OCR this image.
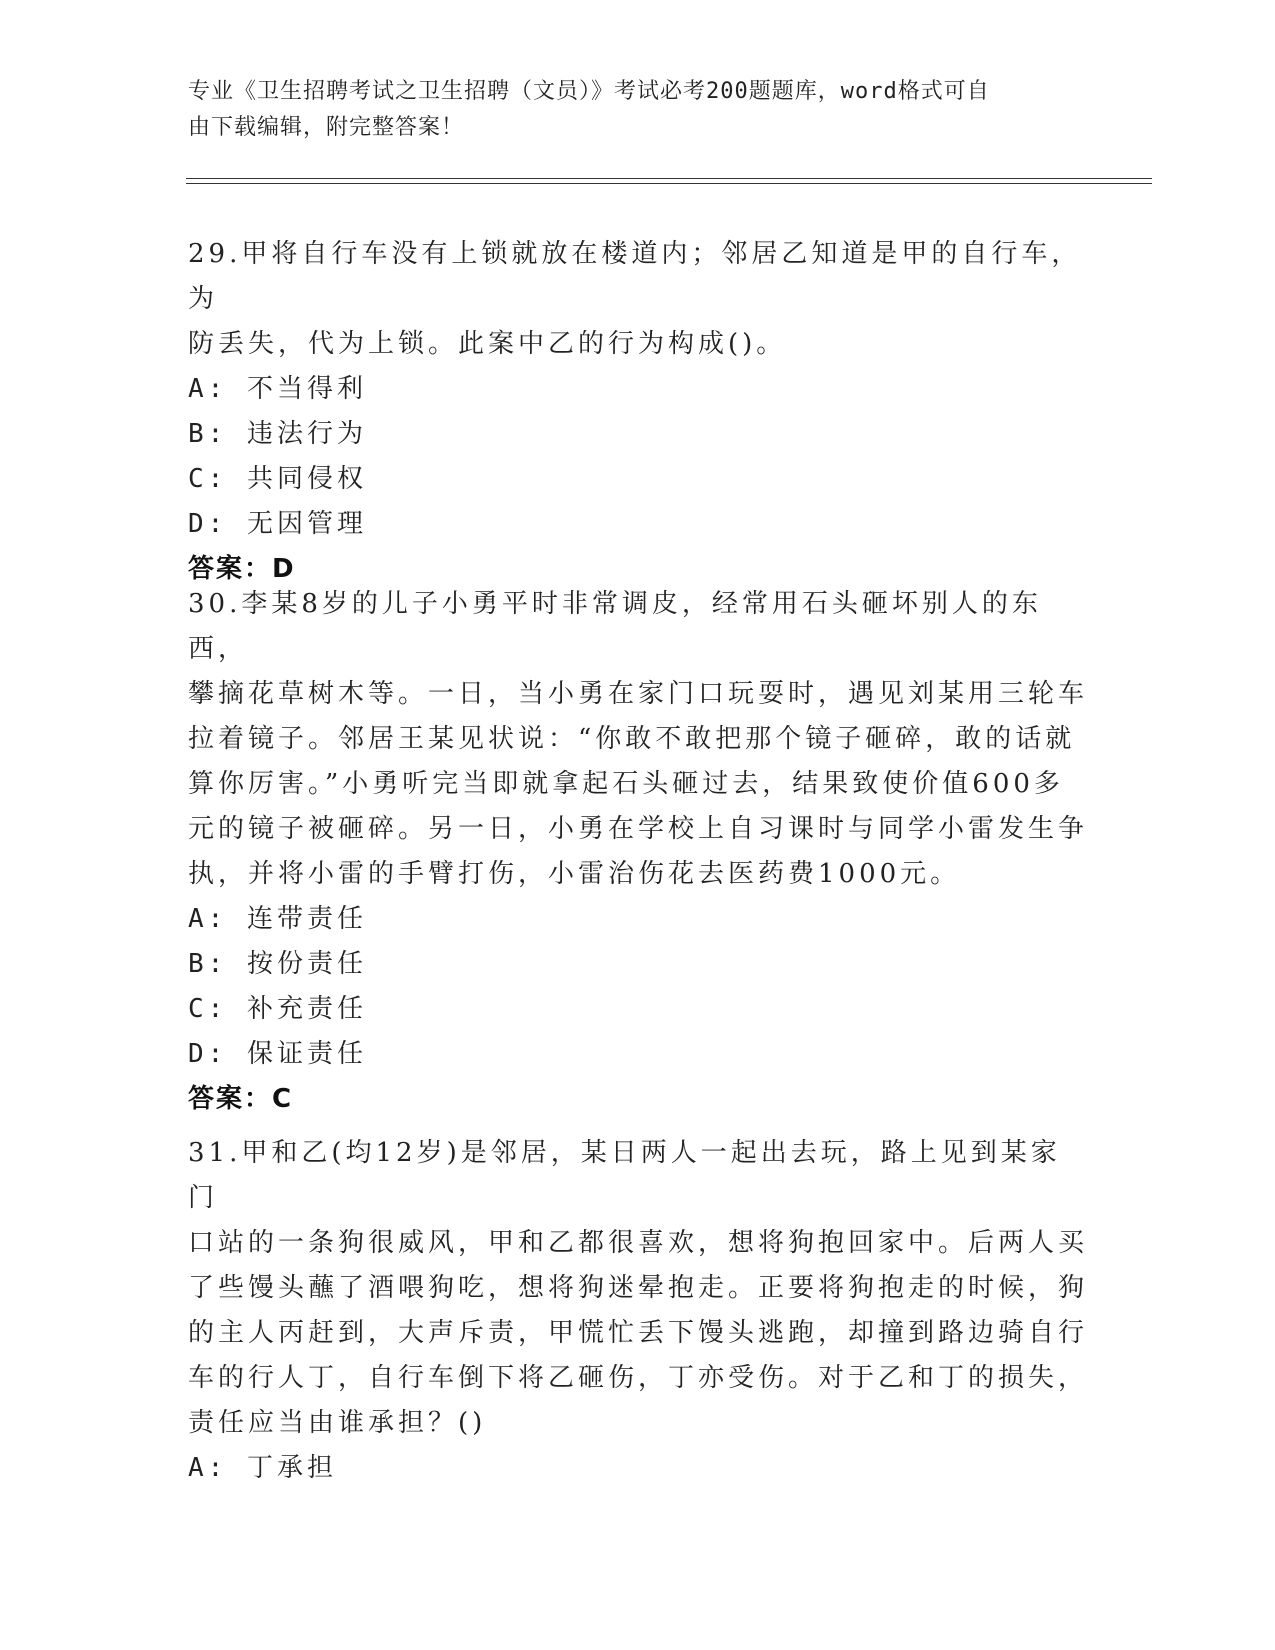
专业《卫生招聘考试之卫生招聘（文员）》考试必考200题题库，word格式可自
由下载编辑，附完整答案！
29.甲将自行车没有上锁就放在楼道内；邻居乙知道是甲的自行车，为
防丢失，代为上锁。此案中乙的行为构成()。
A: 不当得利
B: 违法行为
C: 共同侵权
D: 无因管理
答案：D
30.李某8岁的儿子小勇平时非常调皮，经常用石头砸坏别人的东西，
攀摘花草树木等。一日，当小勇在家门口玩耍时，遇见刘某用三轮车
拉着镜子。邻居王某见状说：“你敢不敢把那个镜子砸碎，敢的话就
算你厉害。”小勇听完当即就拿起石头砸过去，结果致使价值600多
元的镜子被砸碎。另一日，小勇在学校上自习课时与同学小雷发生争
执，并将小雷的手臂打伤，小雷治伤花去医药费1000元。
A: 连带责任
B: 按份责任
C: 补充责任
D: 保证责任
答案：C
31.甲和乙(均12岁)是邻居，某日两人一起出去玩，路上见到某家门
口站的一条狗很威风，甲和乙都很喜欢，想将狗抱回家中。后两人买
了些馒头蘸了酒喂狗吃，想将狗迷晕抱走。正要将狗抱走的时候，狗
的主人丙赶到，大声斥责，甲慌忙丢下馒头逃跑，却撞到路边骑自行
车的行人丁，自行车倒下将乙砸伤，丁亦受伤。对于乙和丁的损失，
责任应当由谁承担？()
A: 丁承担
